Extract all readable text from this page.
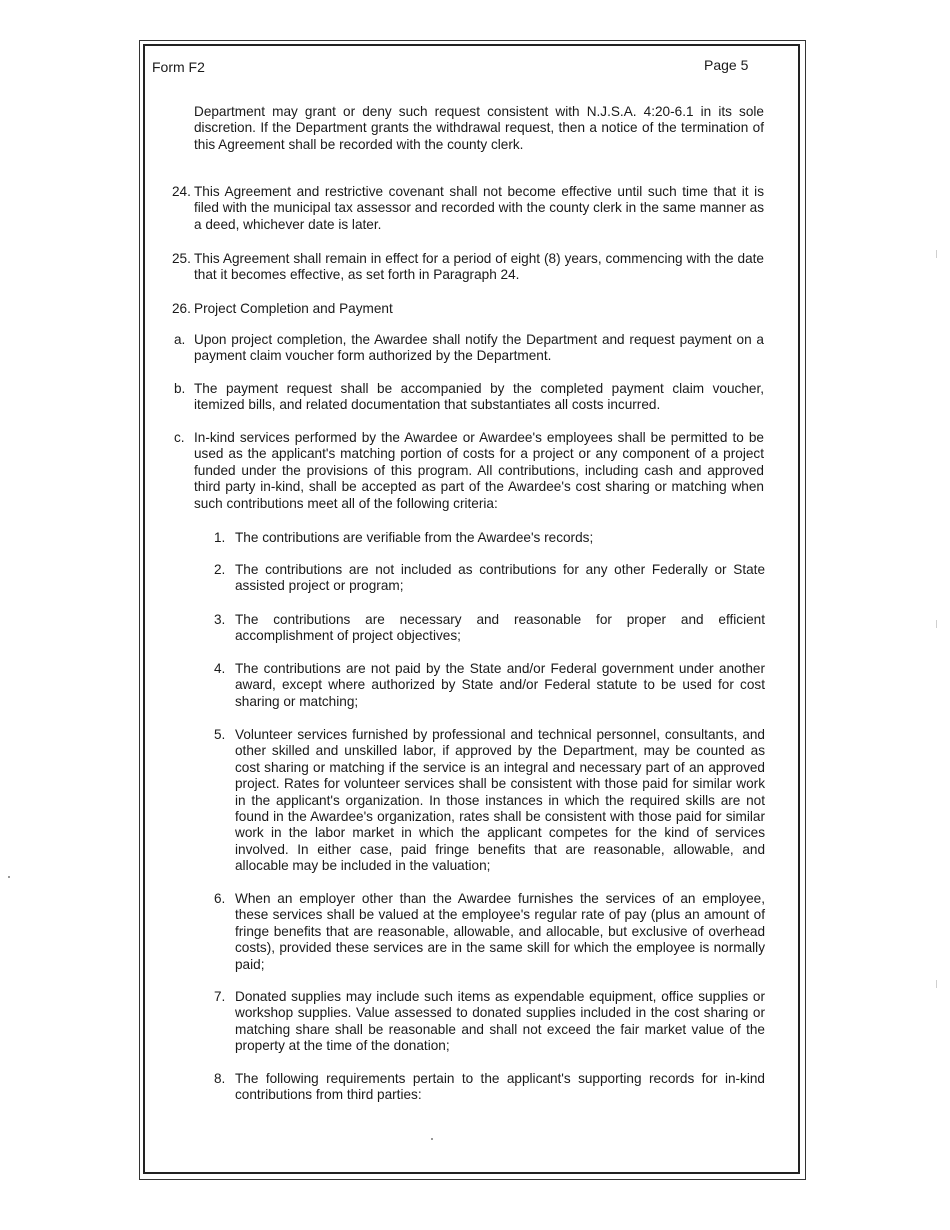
Form F2	Page 5

Department may grant or deny such request consistent with N.J.S.A. 4:20-6.1 in its sole discretion. If the Department grants the withdrawal request, then a notice of the termination of this Agreement shall be recorded with the county clerk.

24. This Agreement and restrictive covenant shall not become effective until such time that it is filed with the municipal tax assessor and recorded with the county clerk in the same manner as a deed, whichever date is later.

25. This Agreement shall remain in effect for a period of eight (8) years, commencing with the date that it becomes effective, as set forth in Paragraph 24.

26. Project Completion and Payment

a. Upon project completion, the Awardee shall notify the Department and request payment on a payment claim voucher form authorized by the Department.

b. The payment request shall be accompanied by the completed payment claim voucher, itemized bills, and related documentation that substantiates all costs incurred.

c. In-kind services performed by the Awardee or Awardee's employees shall be permitted to be used as the applicant's matching portion of costs for a project or any component of a project funded under the provisions of this program. All contributions, including cash and approved third party in-kind, shall be accepted as part of the Awardee's cost sharing or matching when such contributions meet all of the following criteria:

1. The contributions are verifiable from the Awardee's records;

2. The contributions are not included as contributions for any other Federally or State assisted project or program;

3. The contributions are necessary and reasonable for proper and efficient accomplishment of project objectives;

4. The contributions are not paid by the State and/or Federal government under another award, except where authorized by State and/or Federal statute to be used for cost sharing or matching;

5. Volunteer services furnished by professional and technical personnel, consultants, and other skilled and unskilled labor, if approved by the Department, may be counted as cost sharing or matching if the service is an integral and necessary part of an approved project. Rates for volunteer services shall be consistent with those paid for similar work in the applicant's organization. In those instances in which the required skills are not found in the Awardee's organization, rates shall be consistent with those paid for similar work in the labor market in which the applicant competes for the kind of services involved. In either case, paid fringe benefits that are reasonable, allowable, and allocable may be included in the valuation;

6. When an employer other than the Awardee furnishes the services of an employee, these services shall be valued at the employee's regular rate of pay (plus an amount of fringe benefits that are reasonable, allowable, and allocable, but exclusive of overhead costs), provided these services are in the same skill for which the employee is normally paid;

7. Donated supplies may include such items as expendable equipment, office supplies or workshop supplies. Value assessed to donated supplies included in the cost sharing or matching share shall be reasonable and shall not exceed the fair market value of the property at the time of the donation;

8. The following requirements pertain to the applicant's supporting records for in-kind contributions from third parties:
